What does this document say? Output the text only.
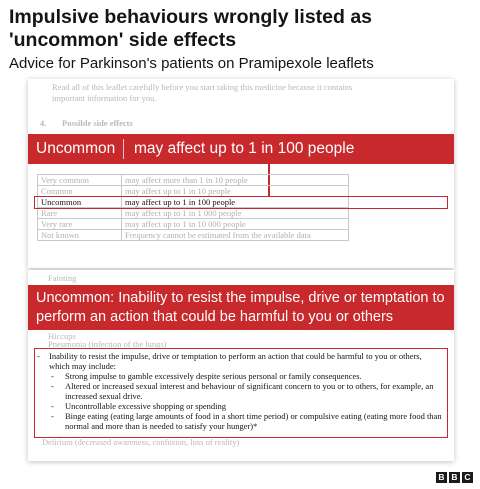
Impulsive behaviours wrongly listed as 'uncommon' side effects
Advice for Parkinson's patients on Pramipexole leaflets
Read all of this leaflet carefully before you start taking this medicine because it contains
important information for you.
4. Possible side effects
Uncommon may affect up to 1 in 100 people
Very common	may affect more than 1 in 10 people
Common	may affect up to 1 in 10 people
Uncommon	may affect up to 1 in 100 people
Rare	may affect up to 1 in 1 000 people
Very rare	may affect up to 1 in 10 000 people
Not known	Frequency cannot be estimated from the available data
Fainting
Uncommon: Inability to resist the impulse, drive or temptation to perform an action that could be harmful to you or others
Hiccups
Pneumonia (infection of the lungs)
- Inability to resist the impulse, drive or temptation to perform an action that could be harmful to you or others, which may include:
- Strong impulse to gamble excessively despite serious personal or family consequences.
- Altered or increased sexual interest and behaviour of significant concern to you or to others, for example, an increased sexual drive.
- Uncontrollable excessive shopping or spending
- Binge eating (eating large amounts of food in a short time period) or compulsive eating (eating more food than normal and more than is needed to satisfy your hunger)*
Delirium (decreased awareness, confusion, loss of reality)
B B C
